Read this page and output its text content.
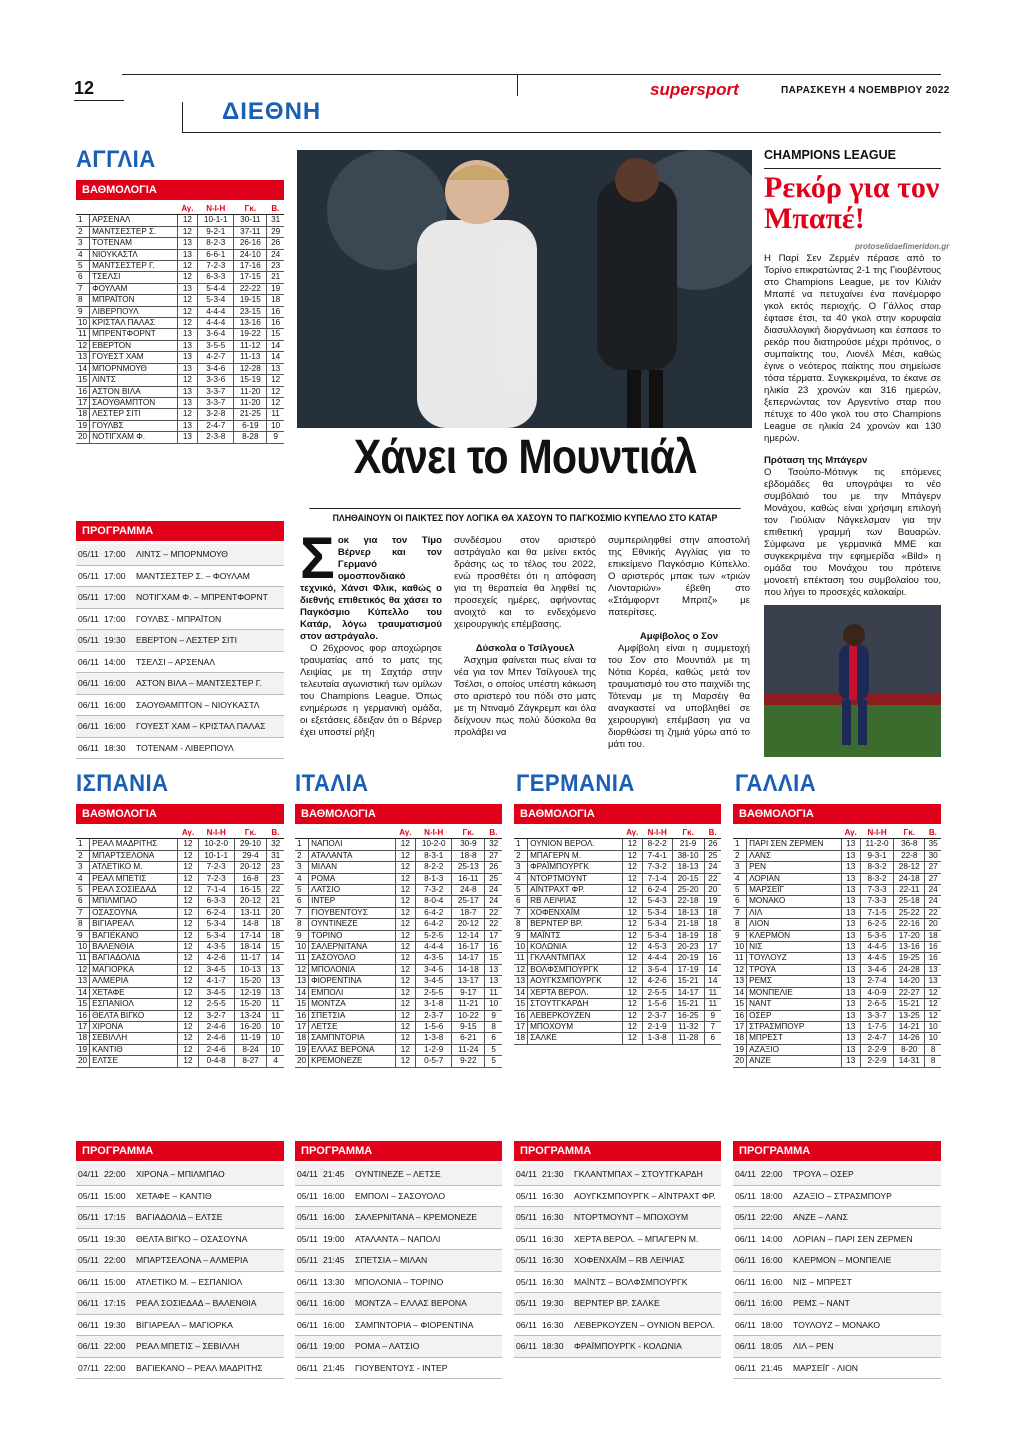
12
ΔΙΕΘΝΗ
supersport	ΠΑΡΑΣΚΕΥΗ 4 ΝΟΕΜΒΡΙΟΥ 2022
ΑΓΓΛΙΑ
ΒΑΘΜΟΛΟΓΙΑ
		Αγ.	Ν-Ι-Η	Γκ.	Β.
1	ΑΡΣΕΝΑΛ	12	10-1-1	30-11	31
2	ΜΑΝΤΣΕΣΤΕΡ Σ.	12	9-2-1	37-11	29
3	ΤΟΤΕΝΑΜ	13	8-2-3	26-16	26
4	ΝΙΟΥΚΑΣΤΛ	13	6-6-1	24-10	24
5	ΜΑΝΤΣΕΣΤΕΡ Γ.	12	7-2-3	17-16	23
6	ΤΣΕΛΣΙ	12	6-3-3	17-15	21
7	ΦΟΥΛΑΜ	13	5-4-4	22-22	19
8	ΜΠΡΑΪΤΟΝ	12	5-3-4	19-15	18
9	ΛΙΒΕΡΠΟΥΛ	12	4-4-4	23-15	16
10	ΚΡΙΣΤΑΛ ΠΑΛΑΣ	12	4-4-4	13-16	16
11	ΜΠΡΕΝΤΦΟΡΝΤ	13	3-6-4	19-22	15
12	ΕΒΕΡΤΟΝ	13	3-5-5	11-12	14
13	ΓΟΥΕΣΤ ΧΑΜ	13	4-2-7	11-13	14
14	ΜΠΟΡΝΜΟΥΘ	13	3-4-6	12-28	13
15	ΛΙΝΤΣ	12	3-3-6	15-19	12
16	ΑΣΤΟΝ ΒΙΛΑ	13	3-3-7	11-20	12
17	ΣΑΟΥΘΑΜΠΤΟΝ	13	3-3-7	11-20	12
18	ΛΕΣΤΕΡ ΣΙΤΙ	12	3-2-8	21-25	11
19	ΓΟΥΛΒΣ	13	2-4-7	6-19	10
20	ΝΟΤΙΓΧΑΜ Φ.	13	2-3-8	8-28	9
ΠΡΟΓΡΑΜΜΑ
05/11 17:00 ΛΙΝΤΣ – ΜΠΟΡΝΜΟΥΘ
05/11 17:00 ΜΑΝΤΣΕΣΤΕΡ Σ. – ΦΟΥΛΑΜ
05/11 17:00 ΝΟΤΙΓΧΑΜ Φ. – ΜΠΡΕΝΤΦΟΡΝΤ
05/11 17:00 ΓΟΥΛΒΣ - ΜΠΡΑΪΤΟΝ
05/11 19:30 ΕΒΕΡΤΟΝ – ΛΕΣΤΕΡ ΣΙΤΙ
06/11 14:00 ΤΣΕΛΣΙ – ΑΡΣΕΝΑΛ
06/11 16:00 ΑΣΤΟΝ ΒΙΛΑ – ΜΑΝΤΣΕΣΤΕΡ Γ.
06/11 16:00 ΣΑΟΥΘΑΜΠΤΟΝ – ΝΙΟΥΚΑΣΤΛ
06/11 16:00 ΓΟΥΕΣΤ ΧΑΜ – ΚΡΙΣΤΑΛ ΠΑΛΑΣ
06/11 18:30 ΤΟΤΕΝΑΜ - ΛΙΒΕΡΠΟΥΛ
Χάνει το Μουντιάλ
ΠΛΗΘΑΙΝΟΥΝ ΟΙ ΠΑΙΚΤΕΣ ΠΟΥ ΛΟΓΙΚΑ ΘΑ ΧΑΣΟΥΝ ΤΟ ΠΑΓΚΟΣΜΙΟ ΚΥΠΕΛΛΟ ΣΤΟ ΚΑΤΑΡ
Σοκ για τον Τίμο Βέρνερ και τον Γερμανό ομοσπονδιακό τεχνικό, Χάνσι Φλικ, καθώς ο διεθνής επιθετικός θα χάσει το Παγκόσμιο Κύπελλο του Κατάρ, λόγω τραυματισμού στον αστράγαλο.
Ο 26χρονος φορ αποχώρησε τραυματίας από το ματς της Λειψίας με τη Σαχτάρ στην τελευταία αγωνιστική των ομίλων του Champions League. Όπως ενημέρωσε η γερμανική ομάδα, οι εξετάσεις έδειξαν ότι ο Βέρνερ έχει υποστεί ρήξη
συνδέσμου στον αριστερό αστράγαλο και θα μείνει εκτός δράσης ως το τέλος του 2022, ενώ προσθέτει ότι η απόφαση για τη θεραπεία θα ληφθεί τις προσεχείς ημέρες, αφήνοντας ανοιχτό και το ενδεχόμενο χειρουργικής επέμβασης.
Δύσκολα ο Τσίλγουελ
Άσχημα φαίνεται πως είναι τα νέα για τον Μπεν Τσίλγουελ της Τσέλσι, ο οποίος υπέστη κάκωση στο αριστερό του πόδι στο ματς με τη Ντιναμό Ζάγκρεμπ και όλα δείχνουν πως πολύ δύσκολα θα προλάβει να
συμπεριληφθεί στην αποστολή της Εθνικής Αγγλίας για το επικείμενο Παγκόσμιο Κύπελλο. Ο αριστερός μπακ των «τριών Λιονταριών» έβεθη στο «Στάμφορντ Μπριτζ» με πατερίτσες.
Αμφίβολος ο Σον
Αμφίβολη είναι η συμμετοχή του Σον στο Μουντιάλ με τη Νότια Κορέα, καθώς μετά τον τραυματισμό του στο παιχνίδι της Τότεναμ με τη Μαρσέιγ θα αναγκαστεί να υποβληθεί σε χειρουργική επέμβαση για να διορθώσει τη ζημιά γύρω από το μάτι του.
CHAMPIONS LEAGUE
Ρεκόρ για τον Μπαπέ!
protoselidaefimeridon.gr
Η Παρί Σεν Ζερμέν πέρασε από το Τορίνο επικρατώντας 2-1 της Γιουβέντους στο Champions League, με τον Κιλιάν Μπαπέ να πετυχαίνει ένα πανέμορφο γκολ εκτός περιοχής. Ο Γάλλος σταρ έφτασε έτσι, τα 40 γκολ στην κορυφαία διασυλλογική διοργάνωση και έσπασε το ρεκόρ που διατηρούσε μέχρι πρότινος, ο συμπαίκτης του, Λιονέλ Μέσι, καθώς έγινε ο νεότερος παίκτης που σημείωσε τόσα τέρματα. Συγκεκριμένα, το έκανε σε ηλικία 23 χρονών και 316 ημερών, ξεπερνώντας τον Αργεντίνο σταρ που πέτυχε το 40ο γκολ του στο Champions League σε ηλικία 24 χρονών και 130 ημερών.
Πρόταση της Μπάγερν
Ο Τσούπο-Μότινγκ τις επόμενες εβδομάδες θα υπογράψει το νέο συμβόλαιό του με την Μπάγερν Μονάχου, καθώς είναι χρήσιμη επιλογή τον Γιούλιαν Νάγκελσμαν για την επιθετική γραμμή των Βαυαρών. Σύμφωνα με γερμανικά ΜΜΕ και συγκεκριμένα την εφημερίδα «Bild» η ομάδα του Μονάχου του πρότεινε μονοετή επέκταση του συμβολαίου του, που λήγει το προσεχές καλοκαίρι.
ΙΣΠΑΝΙΑ	ΙΤΑΛΙΑ	ΓΕΡΜΑΝΙΑ	ΓΑΛΛΙΑ
ΒΑΘΜΟΛΟΓΙΑ	ΒΑΘΜΟΛΟΓΙΑ	ΒΑΘΜΟΛΟΓΙΑ	ΒΑΘΜΟΛΟΓΙΑ
		Αγ.	Ν-Ι-Η	Γκ.	Β.
1	ΡΕΑΛ ΜΑΔΡΙΤΗΣ	12	10-2-0	29-10	32
2	ΜΠΑΡΤΣΕΛΟΝΑ	12	10-1-1	29-4	31
3	ΑΤΛΕΤΙΚΟ Μ.	12	7-2-3	20-12	23
4	ΡΕΑΛ ΜΠΕΤΙΣ	12	7-2-3	16-8	23
5	ΡΕΑΛ ΣΟΣΙΕΔΑΔ	12	7-1-4	16-15	22
6	ΜΠΙΛΜΠΑΟ	12	6-3-3	20-12	21
7	ΟΣΑΣΟΥΝΑ	12	6-2-4	13-11	20
8	ΒΙΓΙΑΡΕΑΛ	12	5-3-4	14-8	18
9	ΒΑΓΙΕΚΑΝΟ	12	5-3-4	17-14	18
10	ΒΑΛΕΝΘΙΑ	12	4-3-5	18-14	15
11	ΒΑΓΙΑΔΟΛΙΔ	12	4-2-6	11-17	14
12	ΜΑΓΙΟΡΚΑ	12	3-4-5	10-13	13
13	ΑΛΜΕΡΙΑ	12	4-1-7	15-20	13
14	ΧΕΤΑΦΕ	12	3-4-5	12-19	13
15	ΕΣΠΑΝΙΟΛ	12	2-5-5	15-20	11
16	ΘΕΛΤΑ ΒΙΓΚΟ	12	3-2-7	13-24	11
17	ΧΙΡΟΝΑ	12	2-4-6	16-20	10
18	ΣΕΒΙΛΛΗ	12	2-4-6	11-19	10
19	ΚΑΝΤΙΘ	12	2-4-6	8-24	10
20	ΕΛΤΣΕ	12	0-4-8	8-27	4
		Αγ.	Ν-Ι-Η	Γκ.	Β.
1	ΝΑΠΟΛΙ	12	10-2-0	30-9	32
2	ΑΤΑΛΑΝΤΑ	12	8-3-1	18-8	27
3	ΜΙΛΑΝ	12	8-2-2	25-13	26
4	ΡΟΜΑ	12	8-1-3	16-11	25
5	ΛΑΤΣΙΟ	12	7-3-2	24-8	24
6	ΙΝΤΕΡ	12	8-0-4	25-17	24
7	ΓΙΟΥΒΕΝΤΟΥΣ	12	6-4-2	18-7	22
8	ΟΥΝΤΙΝΕΖΕ	12	6-4-2	20-12	22
9	ΤΟΡΙΝΟ	12	5-2-5	12-14	17
10	ΣΑΛΕΡΝΙΤΑΝΑ	12	4-4-4	16-17	16
11	ΣΑΣΟΥΟΛΟ	12	4-3-5	14-17	15
12	ΜΠΟΛΟΝΙΑ	12	3-4-5	14-18	13
13	ΦΙΟΡΕΝΤΙΝΑ	12	3-4-5	13-17	13
14	ΕΜΠΟΛΙ	12	2-5-5	9-17	11
15	ΜΟΝΤΖΑ	12	3-1-8	11-21	10
16	ΣΠΕΤΣΙΑ	12	2-3-7	10-22	9
17	ΛΕΤΣΕ	12	1-5-6	9-15	8
18	ΣΑΜΠΝΤΟΡΙΑ	12	1-3-8	6-21	6
19	ΕΛΛΑΣ ΒΕΡΟΝΑ	12	1-2-9	11-24	5
20	ΚΡΕΜΟΝΕΖΕ	12	0-5-7	9-22	5
		Αγ.	Ν-Ι-Η	Γκ.	Β.
1	ΟΥΝΙΟΝ ΒΕΡΟΛ.	12	8-2-2	21-9	26
2	ΜΠΑΓΕΡΝ Μ.	12	7-4-1	38-10	25
3	ΦΡΑΪΜΠΟΥΡΓΚ	12	7-3-2	18-13	24
4	ΝΤΟΡΤΜΟΥΝΤ	12	7-1-4	20-15	22
5	ΑΪΝΤΡΑΧΤ ΦΡ.	12	6-2-4	25-20	20
6	RB ΛΕΙΨΙΑΣ	12	5-4-3	22-18	19
7	ΧΟΦΕΝΧΑΪΜ	12	5-3-4	18-13	18
8	ΒΕΡΝΤΕΡ ΒΡ.	12	5-3-4	21-18	18
9	ΜΑΪΝΤΣ	12	5-3-4	18-19	18
10	ΚΟΛΩΝΙΑ	12	4-5-3	20-23	17
11	ΓΚΛΑΝΤΜΠΑΧ	12	4-4-4	20-19	16
12	ΒΟΛΦΣΜΠΟΥΡΓΚ	12	3-5-4	17-19	14
13	ΑΟΥΓΚΣΜΠΟΥΡΓΚ	12	4-2-6	15-21	14
14	ΧΕΡΤΑ ΒΕΡΟΛ.	12	2-5-5	14-17	11
15	ΣΤΟΥΤΓΚΑΡΔΗ	12	1-5-6	15-21	11
16	ΛΕΒΕΡΚΟΥΖΕΝ	12	2-3-7	16-25	9
17	ΜΠΟΧΟΥΜ	12	2-1-9	11-32	7
18	ΣΑΛΚΕ	12	1-3-8	11-28	6
		Αγ.	Ν-Ι-Η	Γκ.	Β.
1	ΠΑΡΙ ΣΕΝ ΖΕΡΜΕΝ	13	11-2-0	36-8	35
2	ΛΑΝΣ	13	9-3-1	22-8	30
3	ΡΕΝ	13	8-3-2	28-12	27
4	ΛΟΡΙΑΝ	13	8-3-2	24-18	27
5	ΜΑΡΣΕΪΓ	13	7-3-3	22-11	24
6	ΜΟΝΑΚΟ	13	7-3-3	25-18	24
7	ΛΙΛ	13	7-1-5	25-22	22
8	ΛΙΟΝ	13	6-2-5	22-16	20
9	ΚΛΕΡΜΟΝ	13	5-3-5	17-20	18
10	ΝΙΣ	13	4-4-5	13-16	16
11	ΤΟΥΛΟΥΖ	13	4-4-5	19-25	16
12	ΤΡΟΥΑ	13	3-4-6	24-28	13
13	ΡΕΜΣ	13	2-7-4	14-20	13
14	ΜΟΝΠΕΛΙΕ	13	4-0-9	22-27	12
15	ΝΑΝΤ	13	2-6-5	15-21	12
16	ΟΣΕΡ	13	3-3-7	13-25	12
17	ΣΤΡΑΣΜΠΟΥΡ	13	1-7-5	14-21	10
18	ΜΠΡΕΣΤ	13	2-4-7	14-26	10
19	ΑΖΑΞΙΟ	13	2-2-9	8-20	8
20	ΑΝΖΕ	13	2-2-9	14-31	8
ΠΡΟΓΡΑΜΜΑ	ΠΡΟΓΡΑΜΜΑ	ΠΡΟΓΡΑΜΜΑ	ΠΡΟΓΡΑΜΜΑ
04/11 22:00 ΧΙΡΟΝΑ – ΜΠΙΛΜΠΑΟ
05/11 15:00 ΧΕΤΑΦΕ – ΚΑΝΤΙΘ
05/11 17:15 ΒΑΓΙΑΔΟΛΙΔ – ΕΛΤΣΕ
05/11 19:30 ΘΕΛΤΑ ΒΙΓΚΟ – ΟΣΑΣΟΥΝΑ
05/11 22:00 ΜΠΑΡΤΣΕΛΟΝΑ – ΑΛΜΕΡΙΑ
06/11 15:00 ΑΤΛΕΤΙΚΟ Μ. – ΕΣΠΑΝΙΟΛ
06/11 17:15 ΡΕΑΛ ΣΟΣΙΕΔΑΔ – ΒΑΛΕΝΘΙΑ
06/11 19:30 ΒΙΓΙΑΡΕΑΛ – ΜΑΓΙΟΡΚΑ
06/11 22:00 ΡΕΑΛ ΜΠΕΤΙΣ – ΣΕΒΙΛΛΗ
07/11 22:00 ΒΑΓΙΕΚΑΝΟ – ΡΕΑΛ ΜΑΔΡΙΤΗΣ
04/11 21:45 ΟΥΝΤΙΝΕΖΕ – ΛΕΤΣΕ
05/11 16:00 ΕΜΠΟΛΙ – ΣΑΣΟΥΟΛΟ
05/11 16:00 ΣΑΛΕΡΝΙΤΑΝΑ – ΚΡΕΜΟΝΕΖΕ
05/11 19:00 ΑΤΑΛΑΝΤΑ – ΝΑΠΟΛΙ
05/11 21:45 ΣΠΕΤΣΙΑ – ΜΙΛΑΝ
06/11 13:30 ΜΠΟΛΟΝΙΑ – ΤΟΡΙΝΟ
06/11 16:00 ΜΟΝΤΖΑ – ΕΛΛΑΣ ΒΕΡΟΝΑ
06/11 16:00 ΣΑΜΠΝΤΟΡΙΑ – ΦΙΟΡΕΝΤΙΝΑ
06/11 19:00 ΡΟΜΑ – ΛΑΤΣΙΟ
06/11 21:45 ΓΙΟΥΒΕΝΤΟΥΣ - ΙΝΤΕΡ
04/11 21:30 ΓΚΛΑΝΤΜΠΑΧ – ΣΤΟΥΤΓΚΑΡΔΗ
05/11 16:30 ΑΟΥΓΚΣΜΠΟΥΡΓΚ – ΑΪΝΤΡΑΧΤ ΦΡ.
05/11 16:30 ΝΤΟΡΤΜΟΥΝΤ – ΜΠΟΧΟΥΜ
05/11 16:30 ΧΕΡΤΑ ΒΕΡΟΛ. – ΜΠΑΓΕΡΝ Μ.
05/11 16:30 ΧΟΦΕΝΧΑΪΜ – RB ΛΕΙΨΙΑΣ
05/11 16:30 ΜΑΪΝΤΣ – ΒΟΛΦΣΜΠΟΥΡΓΚ
05/11 19:30 ΒΕΡΝΤΕΡ ΒΡ. ΣΑΛΚΕ
06/11 16:30 ΛΕΒΕΡΚΟΥΖΕΝ – ΟΥΝΙΟΝ ΒΕΡΟΛ.
06/11 18:30 ΦΡΑΪΜΠΟΥΡΓΚ - ΚΟΛΩΝΙΑ
04/11 22:00 ΤΡΟΥΑ – ΟΣΕΡ
05/11 18:00 ΑΖΑΞΙΟ – ΣΤΡΑΣΜΠΟΥΡ
05/11 22:00 ΑΝΖΕ – ΛΑΝΣ
06/11 14:00 ΛΟΡΙΑΝ – ΠΑΡΙ ΣΕΝ ΖΕΡΜΕΝ
06/11 16:00 ΚΛΕΡΜΟΝ – ΜΟΝΠΕΛΙΕ
06/11 16:00 ΝΙΣ – ΜΠΡΕΣΤ
06/11 16:00 ΡΕΜΣ – ΝΑΝΤ
06/11 18:00 ΤΟΥΛΟΥΖ – ΜΟΝΑΚΟ
06/11 18:05 ΛΙΛ – ΡΕΝ
06/11 21:45 ΜΑΡΣΕΪΓ - ΛΙΟΝ
